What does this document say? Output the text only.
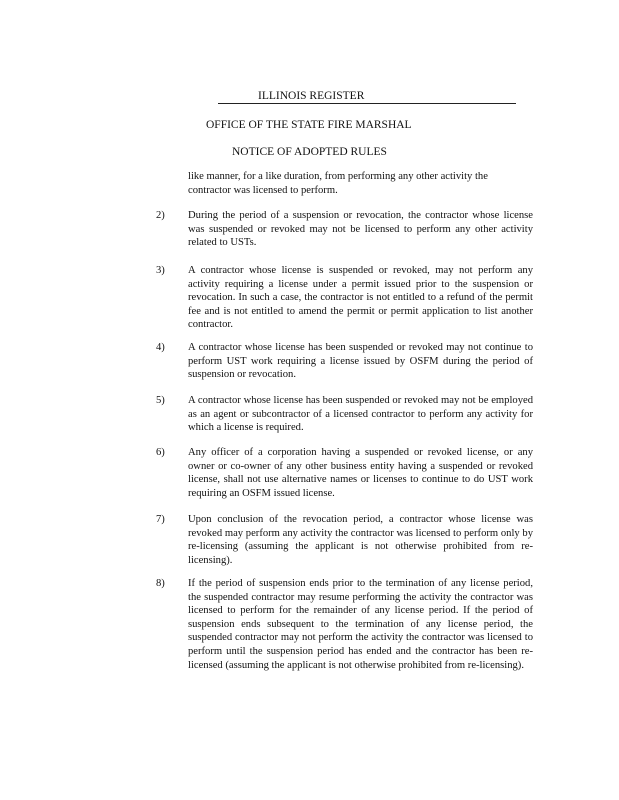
ILLINOIS REGISTER
OFFICE OF THE STATE FIRE MARSHAL
NOTICE OF ADOPTED RULES
like manner, for a like duration, from performing any other activity the contractor was licensed to perform.
2) During the period of a suspension or revocation, the contractor whose license was suspended or revoked may not be licensed to perform any other activity related to USTs.
3) A contractor whose license is suspended or revoked, may not perform any activity requiring a license under a permit issued prior to the suspension or revocation. In such a case, the contractor is not entitled to a refund of the permit fee and is not entitled to amend the permit or permit application to list another contractor.
4) A contractor whose license has been suspended or revoked may not continue to perform UST work requiring a license issued by OSFM during the period of suspension or revocation.
5) A contractor whose license has been suspended or revoked may not be employed as an agent or subcontractor of a licensed contractor to perform any activity for which a license is required.
6) Any officer of a corporation having a suspended or revoked license, or any owner or co-owner of any other business entity having a suspended or revoked license, shall not use alternative names or licenses to continue to do UST work requiring an OSFM issued license.
7) Upon conclusion of the revocation period, a contractor whose license was revoked may perform any activity the contractor was licensed to perform only by re-licensing (assuming the applicant is not otherwise prohibited from re-licensing).
8) If the period of suspension ends prior to the termination of any license period, the suspended contractor may resume performing the activity the contractor was licensed to perform for the remainder of any license period. If the period of suspension ends subsequent to the termination of any license period, the suspended contractor may not perform the activity the contractor was licensed to perform until the suspension period has ended and the contractor has been re-licensed (assuming the applicant is not otherwise prohibited from re-licensing).
